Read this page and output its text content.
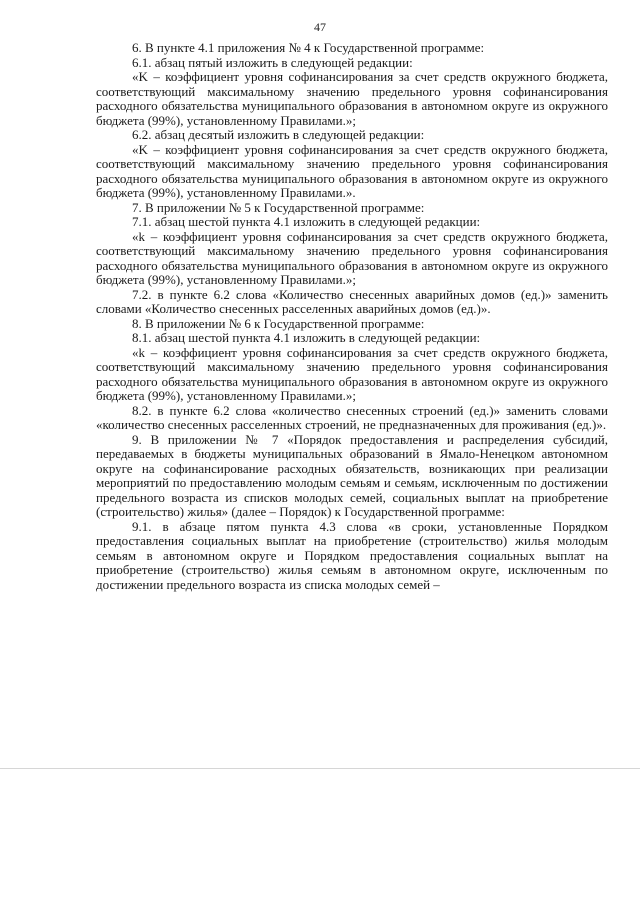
47

6. В пункте 4.1 приложения № 4 к Государственной программе:

6.1. абзац пятый изложить в следующей редакции:

«K – коэффициент уровня софинансирования за счет средств окружного бюджета, соответствующий максимальному значению предельного уровня софинансирования расходного обязательства муниципального образования в автономном округе из окружного бюджета (99%), установленному Правилами.»;

6.2. абзац десятый изложить в следующей редакции:

«K – коэффициент уровня софинансирования за счет средств окружного бюджета, соответствующий максимальному значению предельного уровня софинансирования расходного обязательства муниципального образования в автономном округе из окружного бюджета (99%), установленному Правилами.».

7. В приложении № 5 к Государственной программе:

7.1. абзац шестой пункта 4.1 изложить в следующей редакции:

«k – коэффициент уровня софинансирования за счет средств окружного бюджета, соответствующий максимальному значению предельного уровня софинансирования расходного обязательства муниципального образования в автономном округе из окружного бюджета (99%), установленному Правилами.»;

7.2. в пункте 6.2 слова «Количество снесенных аварийных домов (ед.)» заменить словами «Количество снесенных расселенных аварийных домов (ед.)».

8. В приложении № 6 к Государственной программе:

8.1. абзац шестой пункта 4.1 изложить в следующей редакции:

«k – коэффициент уровня софинансирования за счет средств окружного бюджета, соответствующий максимальному значению предельного уровня софинансирования расходного обязательства муниципального образования в автономном округе из окружного бюджета (99%), установленному Правилами.»;

8.2. в пункте 6.2 слова «количество снесенных строений (ед.)» заменить словами «количество снесенных расселенных строений, не предназначенных для проживания (ед.)».

9. В приложении № 7 «Порядок предоставления и распределения субсидий, передаваемых в бюджеты муниципальных образований в Ямало-Ненецком автономном округе на софинансирование расходных обязательств, возникающих при реализации мероприятий по предоставлению молодым семьям и семьям, исключенным по достижении предельного возраста из списков молодых семей, социальных выплат на приобретение (строительство) жилья» (далее – Порядок) к Государственной программе:

9.1. в абзаце пятом пункта 4.3 слова «в сроки, установленные Порядком предоставления социальных выплат на приобретение (строительство) жилья молодым семьям в автономном округе и Порядком предоставления социальных выплат на приобретение (строительство) жилья семьям в автономном округе, исключенным по достижении предельного возраста из списка молодых семей –
